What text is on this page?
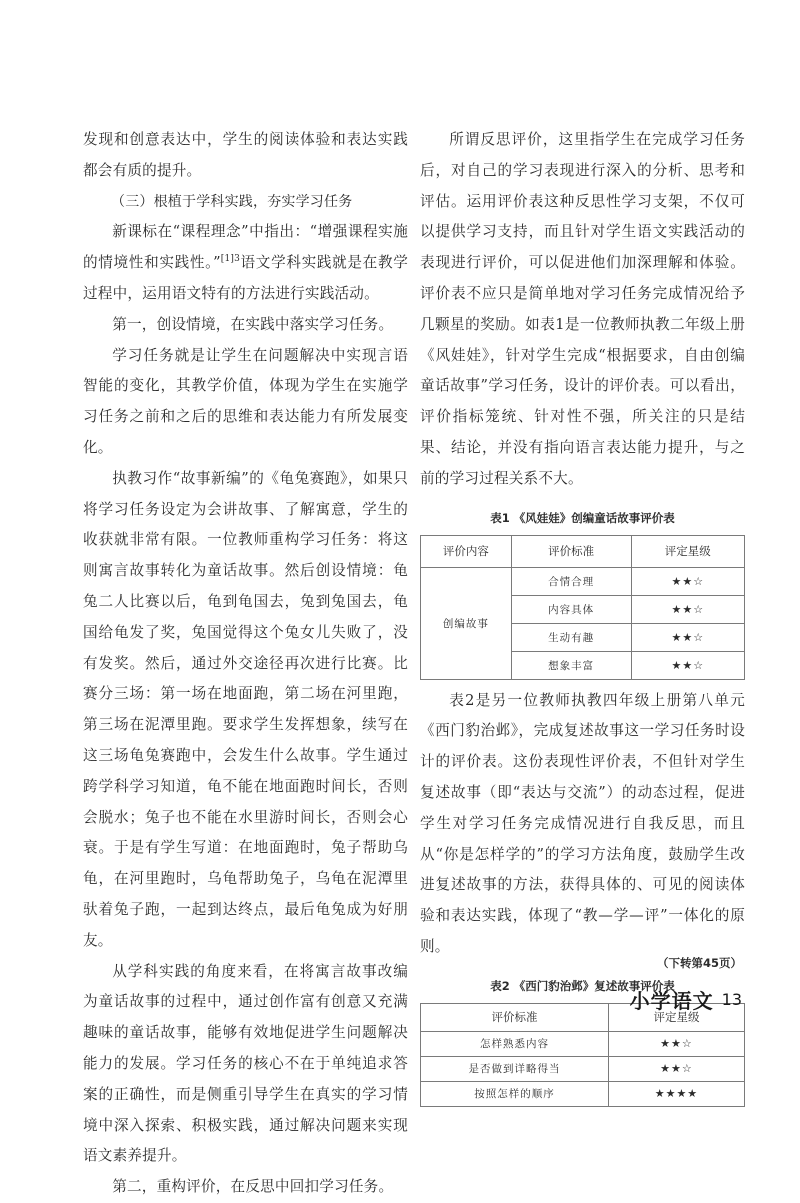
发现和创意表达中，学生的阅读体验和表达实践都会有质的提升。

（三）根植于学科实践，夯实学习任务

新课标在“课程理念”中指出：“增强课程实施的情境性和实践性。”$^{[1]3}$语文学科实践就是在教学过程中，运用语文特有的方法进行实践活动。

第一，创设情境，在实践中落实学习任务。

学习任务就是让学生在问题解决中实现言语智能的变化，其教学价值，体现为学生在实施学习任务之前和之后的思维和表达能力有所发展变化。

执教习作“故事新编”的《龟兔赛跑》，如果只将学习任务设定为会讲故事、了解寓意，学生的收获就非常有限。一位教师重构学习任务：将这则寓言故事转化为童话故事。然后创设情境：龟兔二人比赛以后，龟到龟国去，兔到兔国去，龟国给龟发了奖，兔国觉得这个兔女儿失败了，没有发奖。然后，通过外交途径再次进行比赛。比赛分三场：第一场在地面跑，第二场在河里跑，第三场在泥潭里跑。要求学生发挥想象，续写在这三场龟兔赛跑中，会发生什么故事。学生通过跨学科学习知道，龟不能在地面跑时间长，否则会脱水；兔子也不能在水里游时间长，否则会心衰。于是有学生写道：在地面跑时，兔子帮助乌龟，在河里跑时，乌龟帮助兔子，乌龟在泥潭里驮着兔子跑，一起到达终点，最后龟兔成为好朋友。

从学科实践的角度来看，在将寓言故事改编为童话故事的过程中，通过创作富有创意又充满趣味的童话故事，能够有效地促进学生问题解决能力的发展。学习任务的核心不在于单纯追求答案的正确性，而是侧重引导学生在真实的学习情境中深入探索、积极实践，通过解决问题来实现语文素养提升。

第二，重构评价，在反思中回扣学习任务。

所谓反思评价，这里指学生在完成学习任务后，对自己的学习表现进行深入的分析、思考和评估。运用评价表这种反思性学习支架，不仅可以提供学习支持，而且针对学生语文实践活动的表现进行评价，可以促进他们加深理解和体验。评价表不应只是简单地对学习任务完成情况给予几颗星的奖励。如表1是一位教师执教二年级上册《风娃娃》，针对学生完成“根据要求，自由创编童话故事”学习任务，设计的评价表。可以看出，评价指标笼统、针对性不强，所关注的只是结果、结论，并没有指向语言表达能力提升，与之前的学习过程关系不大。

表1 《风娃娃》创编童话故事评价表
评价内容	评价标准	评定星级
创编故事	合情合理	★★☆
	内容具体	★★☆
	生动有趣	★★☆
	想象丰富	★★☆

表2是另一位教师执教四年级上册第八单元《西门豹治邺》，完成复述故事这一学习任务时设计的评价表。这份表现性评价表，不但针对学生复述故事（即“表达与交流”）的动态过程，促进学生对学习任务完成情况进行自我反思，而且从“你是怎样学的”的学习方法角度，鼓励学生改进复述故事的方法，获得具体的、可见的阅读体验和表达实践，体现了“教—学—评”一体化的原则。

表2 《西门豹治邺》复述故事评价表
评价标准	评定星级
怎样熟悉内容	★★☆
是否做到详略得当	★★☆
按照怎样的顺序	★★★★
（下转第45页）
小学语文 13
